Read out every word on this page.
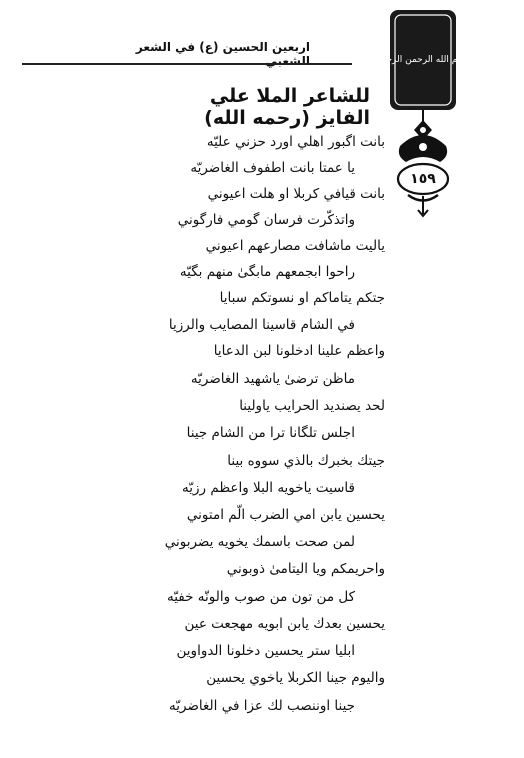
اربعين الحسين (ع) في الشعر الشعبي	بسم الله الرحمن الرحيم
١٥٩
للشاعر الملا علي الفايز (رحمه الله)
بانت اگبور اهلي اورد حزني عليّه
يا عمتا بانت اطفوف الغاضريّه
بانت قيافي كربلا او هلت اعيوني
واتذكّرت فرسان گومي فارگوني
ياليت ماشافت مصارعهم اعيوني
راحوا ابجمعهم مابگىٰ منهم بگيّه
جتكم يتاماكم او نسوتكم سبايا
في الشام قاسينا المصايب والرزيا
واعظم علينا ادخلونا لبن الدعايا
ماظن ترضىٰ ياشهيد الغاضريّه
لحد يصنديد الحرايب ياولينا
اجلس تلگانا ترا من الشام جينا
جيتك بخبرك بالذي سووه بينا
قاسيت ياخويه البلا واعظم رزيّه
يحسين يابن امي الضرب الّم امتوني
لمن صحت باسمك يخويه يضربوني
واحريمكم ويا اليتامىٰ ذوبوني
كل من تون من صوب والونّه خفيّه
يحسين بعدك يابن ابويه مهجعت عين
ابليا ستر يحسين دخلونا الدواوين
واليوم جينا الكربلا ياخوي يحسين
جينا اوننصب لك عزا في الغاضريّه
